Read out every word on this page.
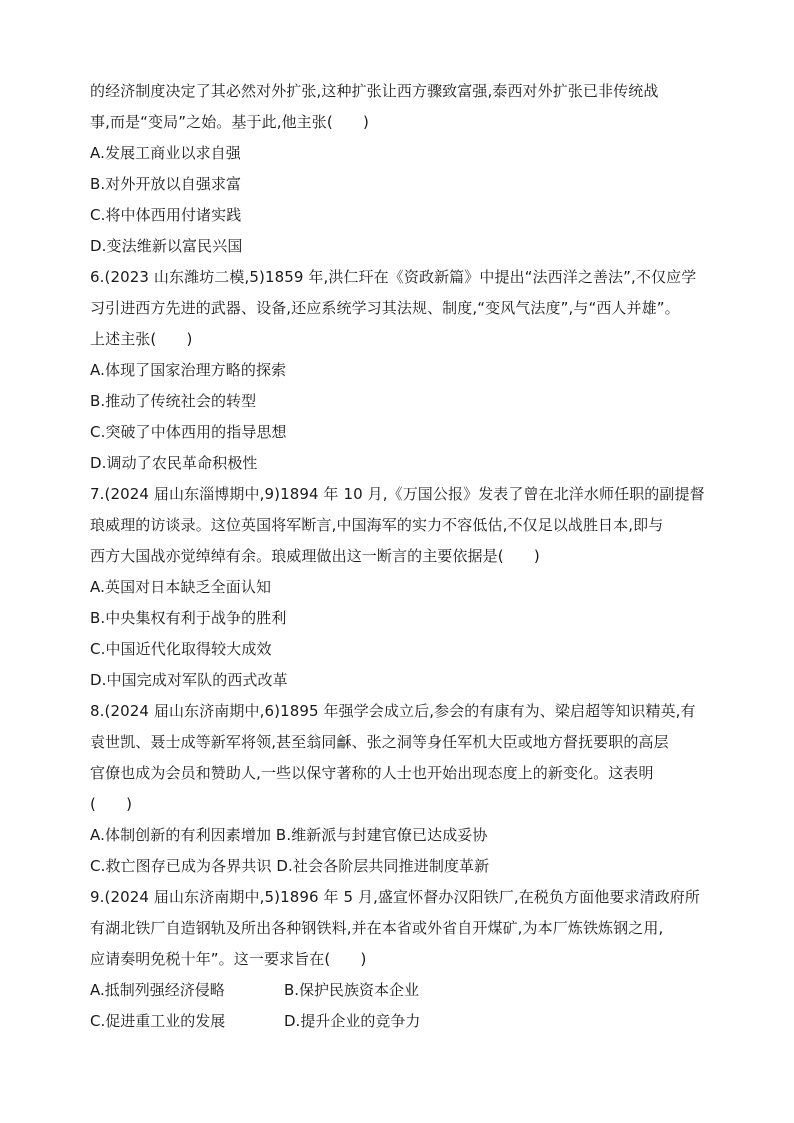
的经济制度决定了其必然对外扩张,这种扩张让西方骤致富强,泰西对外扩张已非传统战
事,而是“变局”之始。基于此,他主张(　　)
A.发展工商业以求自强
B.对外开放以自强求富
C.将中体西用付诸实践
D.变法维新以富民兴国
6.(2023 山东潍坊二模,5)1859 年,洪仁玕在《资政新篇》中提出“法西洋之善法”,不仅应学
习引进西方先进的武器、设备,还应系统学习其法规、制度,“变风气法度”,与“西人并雄”。
上述主张(　　)
A.体现了国家治理方略的探索
B.推动了传统社会的转型
C.突破了中体西用的指导思想
D.调动了农民革命积极性
7.(2024 届山东淄博期中,9)1894 年 10 月,《万国公报》发表了曾在北洋水师任职的副提督
琅威理的访谈录。这位英国将军断言,中国海军的实力不容低估,不仅足以战胜日本,即与
西方大国战亦觉绰绰有余。琅威理做出这一断言的主要依据是(　　)
A.英国对日本缺乏全面认知
B.中央集权有利于战争的胜利
C.中国近代化取得较大成效
D.中国完成对军队的西式改革
8.(2024 届山东济南期中,6)1895 年强学会成立后,参会的有康有为、梁启超等知识精英,有
袁世凯、聂士成等新军将领,甚至翁同龢、张之洞等身任军机大臣或地方督抚要职的高层
官僚也成为会员和赞助人,一些以保守著称的人士也开始出现态度上的新变化。这表明
(　　)
A.体制创新的有利因素增加 B.维新派与封建官僚已达成妥协
C.救亡图存已成为各界共识 D.社会各阶层共同推进制度革新
9.(2024 届山东济南期中,5)1896 年 5 月,盛宣怀督办汉阳铁厂,在税负方面他要求清政府所
有湖北铁厂自造钢轨及所出各种钢铁料,并在本省或外省自开煤矿,为本厂炼铁炼钢之用,
应请奏明免税十年”。这一要求旨在(　　)
A.抵制列强经济侵略	B.保护民族资本企业
C.促进重工业的发展	D.提升企业的竞争力
